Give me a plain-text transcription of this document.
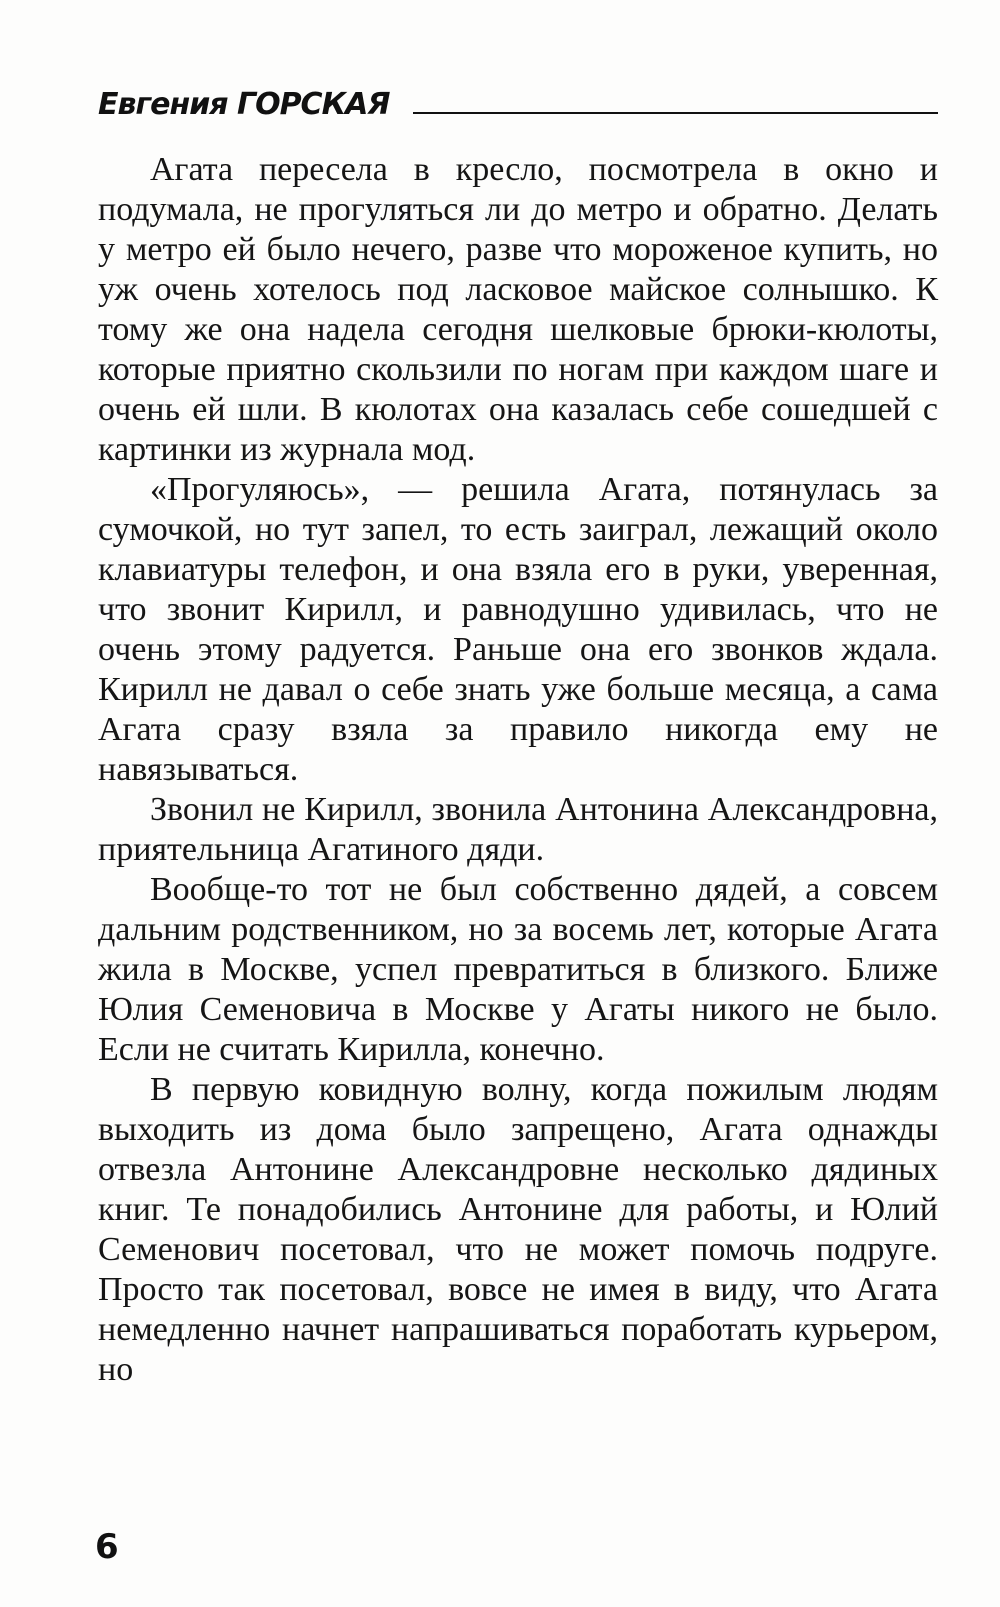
Евгения ГОРСКАЯ

Агата пересела в кресло, посмотрела в окно и подумала, не прогуляться ли до метро и обратно. Делать у метро ей было нечего, разве что мороженое купить, но уж очень хотелось под ласковое майское солнышко. К тому же она надела сегодня шелковые брюки-кюлоты, которые приятно скользили по ногам при каждом шаге и очень ей шли. В кюлотах она казалась себе сошедшей с картинки из журнала мод.

«Прогуляюсь», — решила Агата, потянулась за сумочкой, но тут запел, то есть заиграл, лежащий около клавиатуры телефон, и она взяла его в руки, уверенная, что звонит Кирилл, и равнодушно удивилась, что не очень этому радуется. Раньше она его звонков ждала. Кирилл не давал о себе знать уже больше месяца, а сама Агата сразу взяла за правило никогда ему не навязываться.

Звонил не Кирилл, звонила Антонина Александровна, приятельница Агатиного дяди.

Вообще-то тот не был собственно дядей, а совсем дальним родственником, но за восемь лет, которые Агата жила в Москве, успел превратиться в близкого. Ближе Юлия Семеновича в Москве у Агаты никого не было. Если не считать Кирилла, конечно.

В первую ковидную волну, когда пожилым людям выходить из дома было запрещено, Агата однажды отвезла Антонине Александровне несколько дядиных книг. Те понадобились Антонине для работы, и Юлий Семенович посетовал, что не может помочь подруге. Просто так посетовал, вовсе не имея в виду, что Агата немедленно начнет напрашиваться поработать курьером, но

6
